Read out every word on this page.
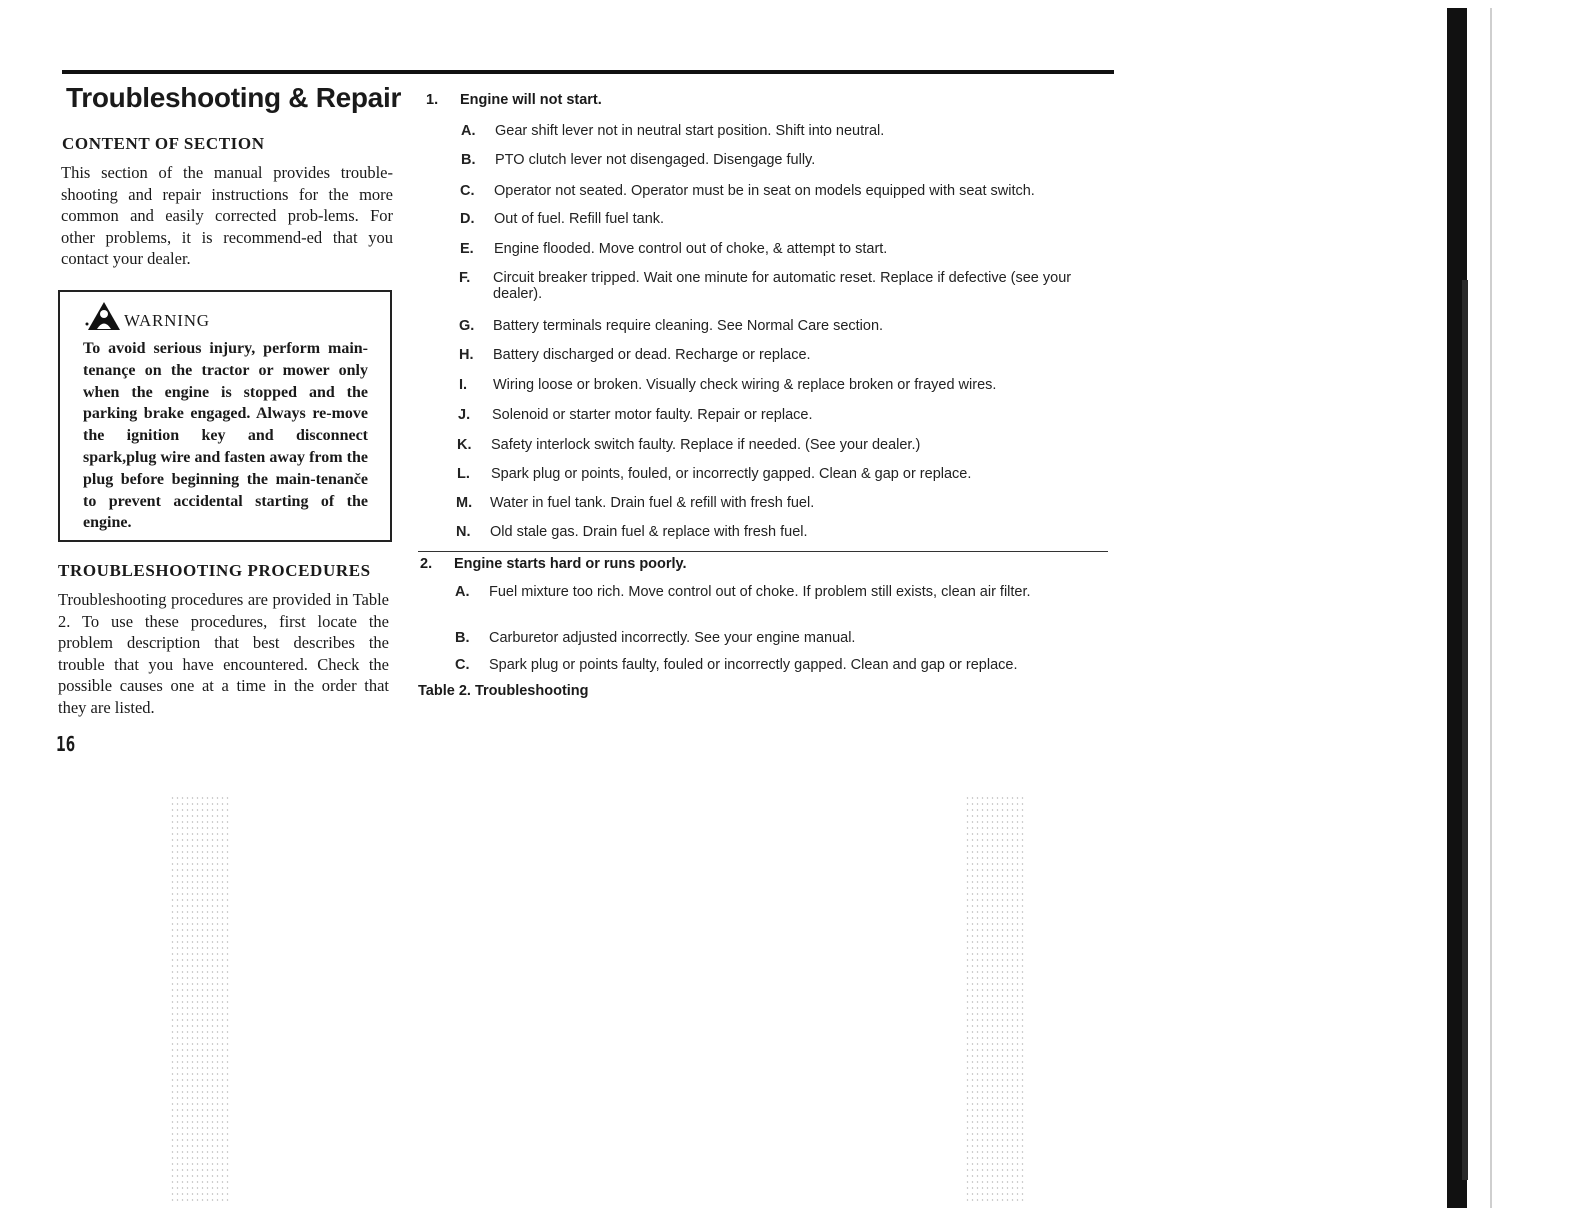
Troubleshooting & Repair
CONTENT OF SECTION

This section of the manual provides trouble-shooting and repair instructions for the more common and easily corrected prob-lems. For other problems, it is recommend-ed that you contact your dealer.

WARNING

To avoid serious injury, perform main-tenançe on the tractor or mower only when the engine is stopped and the parking brake engaged. Always re-move the ignition key and disconnect spark,plug wire and fasten away from the plug before beginning the main-tenanče to prevent accidental starting of the engine.

TROUBLESHOOTING PROCEDURES

Troubleshooting procedures are provided in Table 2. To use these procedures, first locate the problem description that best describes the trouble that you have encountered. Check the possible causes one at a time in the order that they are listed.

16
1.	Engine will not start.
A.	Gear shift lever not in neutral start position. Shift into neutral.
B.	PTO clutch lever not disengaged. Disengage fully.
C.	Operator not seated. Operator must be in seat on models equipped with seat switch.
D.	Out of fuel. Refill fuel tank.
E.	Engine flooded. Move control out of choke, & attempt to start.
F.	Circuit breaker tripped. Wait one minute for automatic reset. Replace if defective (see your dealer).
G.	Battery terminals require cleaning. See Normal Care section.
H.	Battery discharged or dead. Recharge or replace.
I.	Wiring loose or broken. Visually check wiring & replace broken or frayed wires.
J.	Solenoid or starter motor faulty. Repair or replace.
K.	Safety interlock switch faulty. Replace if needed. (See your dealer.)
L.	Spark plug or points, fouled, or incorrectly gapped. Clean & gap or replace.
M.	Water in fuel tank. Drain fuel & refill with fresh fuel.
N.	Old stale gas. Drain fuel & replace with fresh fuel.
2.	Engine starts hard or runs poorly.
A.	Fuel mixture too rich. Move control out of choke. If problem still exists, clean air filter.
B.	Carburetor adjusted incorrectly. See your engine manual.
C.	Spark plug or points faulty, fouled or incorrectly gapped. Clean and gap or replace.
Table 2. Troubleshooting
